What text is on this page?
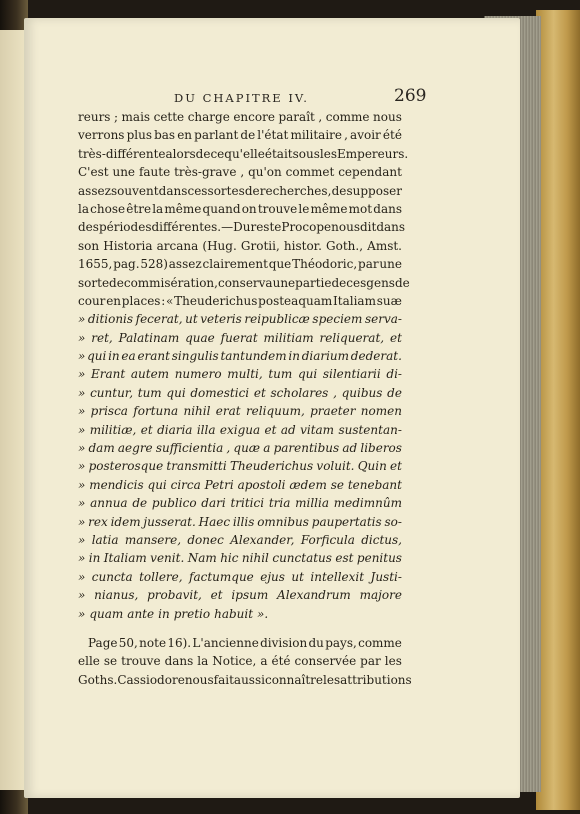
DU CHAPITRE IV.	269
reurs ; mais cette charge encore paraît , comme nous
verrons plus bas en parlant de l'état militaire , avoir été
très-différente alors de ce qu'elle était sous les Empereurs.
C'est une faute très-grave , qu'on commet cependant
assez souvent dans ces sortes de recherches , de supposer
la chose être la même quand on trouve le même mot dans
des périodes différentes.—Du reste Procope nous dit dans
son Historia arcana (Hug. Grotii, histor. Goth., Amst.
1655, pag. 528) assez clairement que Théodoric, par une
sorte de commisération , conserva une partie de ces gens de
cour en places : « Theuderichus posteaquam Italiam suæ
» ditionis fecerat, ut veteris reipublicæ speciem serva-
» ret, Palatinam quae fuerat militiam reliquerat, et
» qui in ea erant singulis tantundem in diarium dederat.
» Erant autem numero multi, tum qui silentiarii di-
» cuntur, tum qui domestici et scholares , quibus de
» prisca fortuna nihil erat reliquum, praeter nomen
» militiæ, et diaria illa exigua et ad vitam sustentan-
» dam aegre sufficientia , quæ a parentibus ad liberos
» posterosque transmitti Theuderichus voluit. Quin et
» mendicis qui circa Petri apostoli ædem se tenebant
» annua de publico dari tritici tria millia medimnûm
» rex idem jusserat. Haec illis omnibus paupertatis so-
» latia mansere, donec Alexander, Forficula dictus,
» in Italiam venit. Nam hic nihil cunctatus est penitus
» cuncta tollere, factumque ejus ut intellexit Justi-
» nianus, probavit, et ipsum Alexandrum majore
» quam ante in pretio habuit ».
Page 50, note 16). L'ancienne division du pays, comme
elle se trouve dans la Notice, a été conservée par les
Goths. Cassiodore nous fait aussi connaître les attributions
